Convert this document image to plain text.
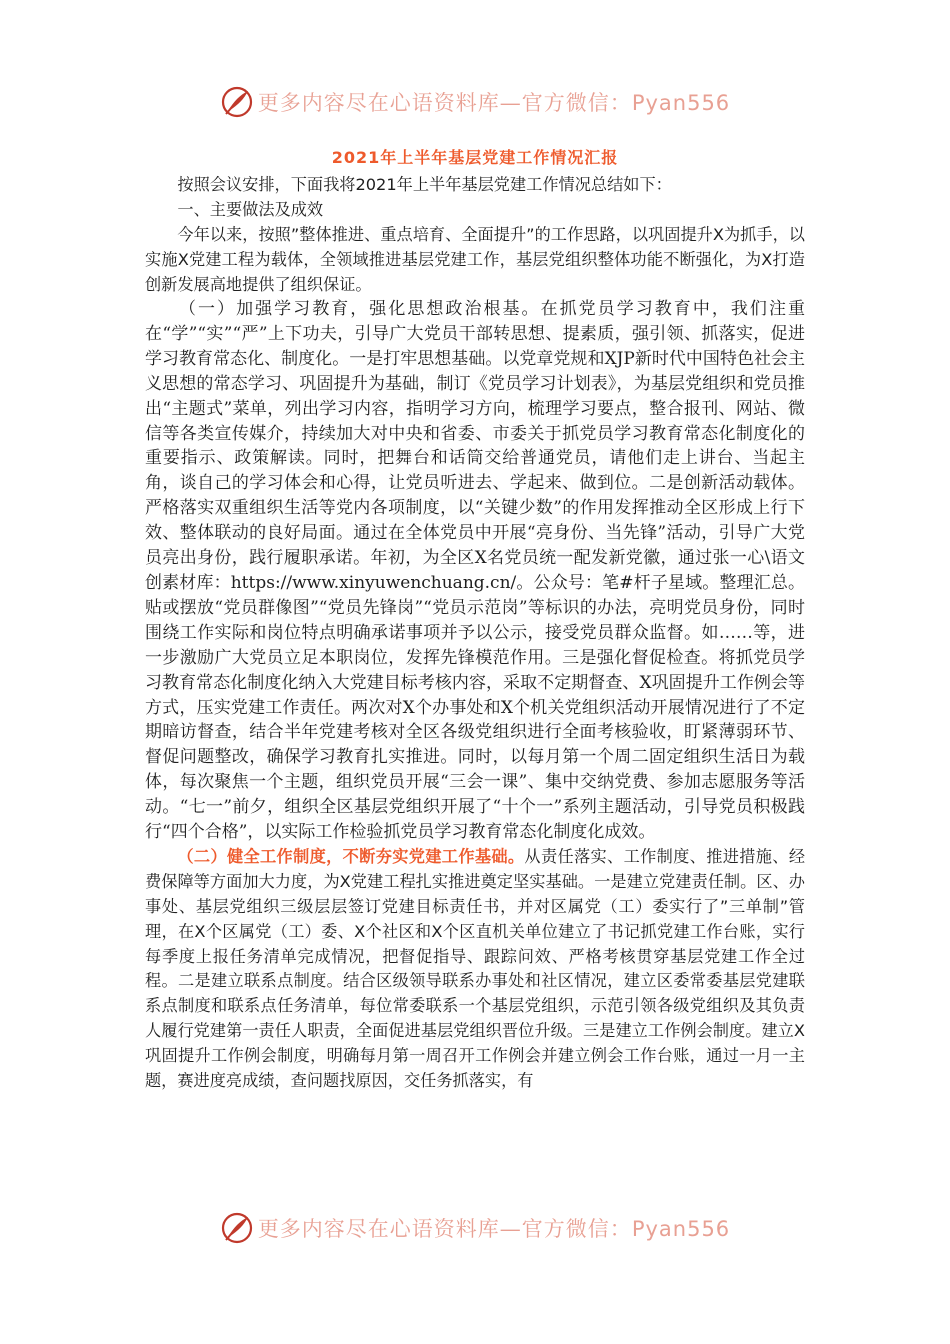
更多内容尽在心语资料库—官方微信：Pyan556
2021年上半年基层党建工作情况汇报

按照会议安排，下面我将2021年上半年基层党建工作情况总结如下：

一、主要做法及成效

今年以来，按照”整体推进、重点培育、全面提升”的工作思路，以巩固提升X为抓手，以实施X党建工程为载体，全领域推进基层党建工作，基层党组织整体功能不断强化，为X打造创新发展高地提供了组织保证。

（一）加强学习教育，强化思想政治根基。在抓党员学习教育中，我们注重在“学”“实”“严”上下功夫，引导广大党员干部转思想、提素质，强引领、抓落实，促进学习教育常态化、制度化。一是打牢思想基础。以党章党规和XJP新时代中国特色社会主义思想的常态学习、巩固提升为基础，制订《党员学习计划表》，为基层党组织和党员推出“主题式”菜单，列出学习内容，指明学习方向，梳理学习要点，整合报刊、网站、微信等各类宣传媒介，持续加大对中央和省委、市委关于抓党员学习教育常态化制度化的重要指示、政策解读。同时，把舞台和话筒交给普通党员，请他们走上讲台、当起主角，谈自己的学习体会和心得，让党员听进去、学起来、做到位。二是创新活动载体。严格落实双重组织生活等党内各项制度，以“关键少数”的作用发挥推动全区形成上行下效、整体联动的良好局面。通过在全体党员中开展“亮身份、当先锋”活动，引导广大党员亮出身份，践行履职承诺。年初，为全区X名党员统一配发新党徽，通过张一心\语文创素材库：https://www.xinyuwenchuang.cn/。公众号：笔#杆子星域。整理汇总。贴或摆放“党员群像图”“党员先锋岗”“党员示范岗”等标识的办法，亮明党员身份，同时围绕工作实际和岗位特点明确承诺事项并予以公示，接受党员群众监督。如……等，进一步激励广大党员立足本职岗位，发挥先锋模范作用。三是强化督促检查。将抓党员学习教育常态化制度化纳入大党建目标考核内容，采取不定期督查、X巩固提升工作例会等方式，压实党建工作责任。两次对X个办事处和X个机关党组织活动开展情况进行了不定期暗访督查，结合半年党建考核对全区各级党组织进行全面考核验收，盯紧薄弱环节、督促问题整改，确保学习教育扎实推进。同时，以每月第一个周二固定组织生活日为载体，每次聚焦一个主题，组织党员开展“三会一课”、集中交纳党费、参加志愿服务等活动。“七一”前夕，组织全区基层党组织开展了“十个一”系列主题活动，引导党员积极践行“四个合格”，以实际工作检验抓党员学习教育常态化制度化成效。

（二）健全工作制度，不断夯实党建工作基础。从责任落实、工作制度、推进措施、经费保障等方面加大力度，为X党建工程扎实推进奠定坚实基础。一是建立党建责任制。区、办事处、基层党组织三级层层签订党建目标责任书，并对区属党（工）委实行了”三单制”管理，在X个区属党（工）委、X个社区和X个区直机关单位建立了书记抓党建工作台账，实行每季度上报任务清单完成情况，把督促指导、跟踪问效、严格考核贯穿基层党建工作全过程。二是建立联系点制度。结合区级领导联系办事处和社区情况，建立区委常委基层党建联系点制度和联系点任务清单，每位常委联系一个基层党组织，示范引领各级党组织及其负责人履行党建第一责任人职责，全面促进基层党组织晋位升级。三是建立工作例会制度。建立X巩固提升工作例会制度，明确每月第一周召开工作例会并建立例会工作台账，通过一月一主题，赛进度亮成绩，查问题找原因，交任务抓落实，有

更多内容尽在心语资料库—官方微信：Pyan556
